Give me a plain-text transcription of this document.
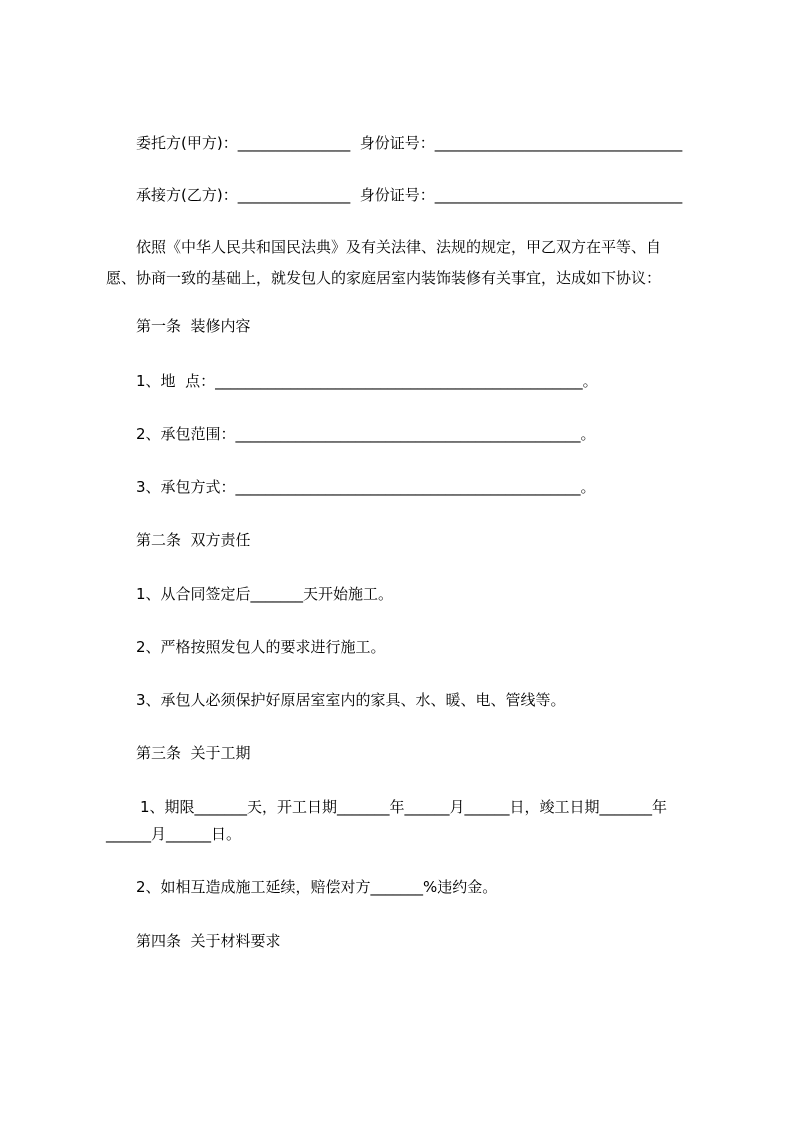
委托方(甲方)：_______________  身份证号：_________________________________
承接方(乙方)：_______________  身份证号：_________________________________
依照《中华人民共和国民法典》及有关法律、法规的规定，甲乙双方在平等、自
愿、协商一致的基础上，就发包人的家庭居室内装饰装修有关事宜，达成如下协议：
第一条  装修内容
1、地  点：_________________________________________________。
2、承包范围：______________________________________________。
3、承包方式：______________________________________________。
第二条  双方责任
1、从合同签定后_______天开始施工。
2、严格按照发包人的要求进行施工。
3、承包人必须保护好原居室室内的家具、水、暖、电、管线等。
第三条  关于工期
1、期限_______天，开工日期_______年______月______日，竣工日期_______年
______月______日。
2、如相互造成施工延续，赔偿对方_______%违约金。
第四条  关于材料要求
